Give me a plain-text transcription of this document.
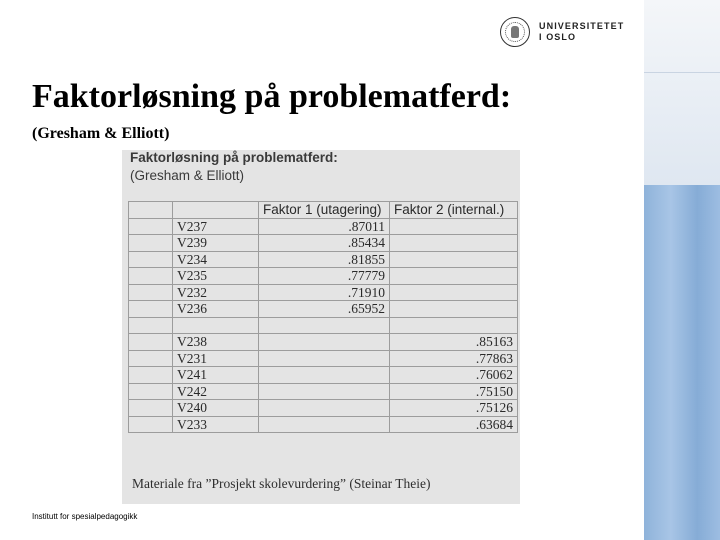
UNIVERSITETET
I OSLO
Faktorløsning på problematferd:
(Gresham & Elliott)
Faktorløsning på problematferd:
(Gresham & Elliott)
		Faktor 1 (utagering)	Faktor 2 (internal.)
	V237	.87011	
	V239	.85434	
	V234	.81855	
	V235	.77779	
	V232	.71910	
	V236	.65952	

	V238		.85163
	V231		.77863
	V241		.76062
	V242		.75150
	V240		.75126
	V233		.63684
Materiale fra ”Prosjekt skolevurdering” (Steinar Theie)
Institutt for spesialpedagogikk
